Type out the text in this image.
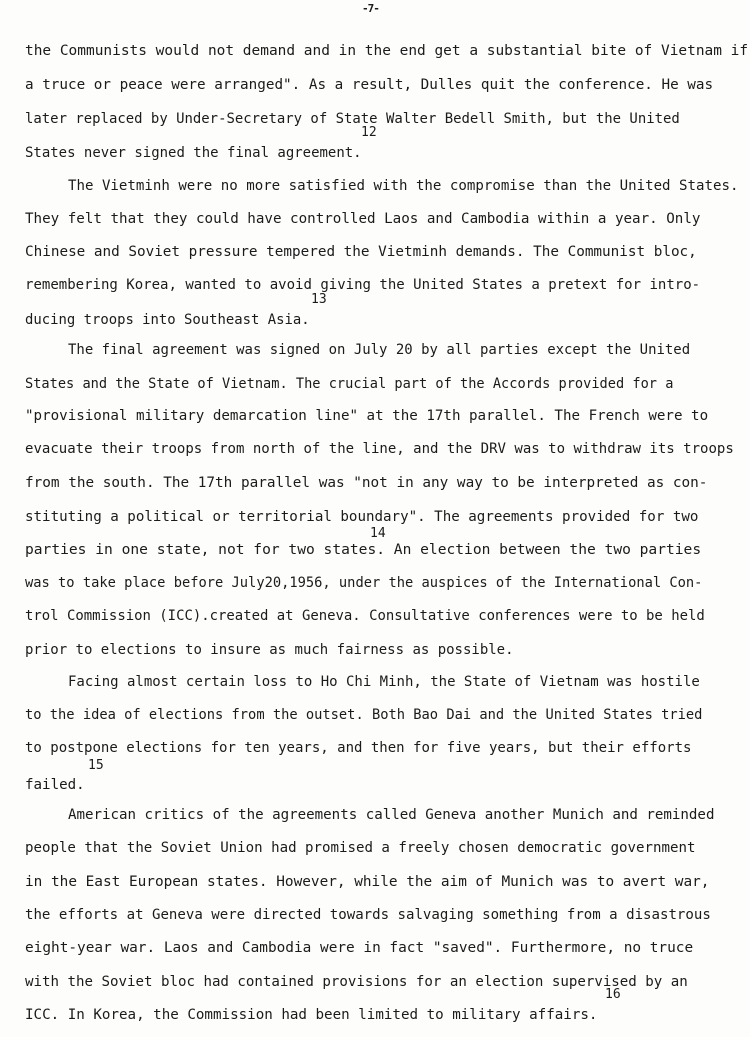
-7-
the Communists would not demand and in the end get a substantial bite of Vietnam if
a truce or peace were arranged". As a result, Dulles quit the conference. He was
later replaced by Under-Secretary of State Walter Bedell Smith, but the United
States never signed the final agreement.
The Vietminh were no more satisfied with the compromise than the United States.
They felt that they could have controlled Laos and Cambodia within a year. Only
Chinese and Soviet pressure tempered the Vietminh demands. The Communist bloc,
remembering Korea, wanted to avoid giving the United States a pretext for intro-
ducing troops into Southeast Asia.
The final agreement was signed on July 20 by all parties except the United
States and the State of Vietnam. The crucial part of the Accords provided for a
"provisional military demarcation line" at the 17th parallel. The French were to
evacuate their troops from north of the line, and the DRV was to withdraw its troops
from the south. The 17th parallel was "not in any way to be interpreted as con-
stituting a political or territorial boundary". The agreements provided for two
parties in one state, not for two states. An election between the two parties
was to take place before July20,1956, under the auspices of the International Con-
trol Commission (ICC).created at Geneva. Consultative conferences were to be held
prior to elections to insure as much fairness as possible.
Facing almost certain loss to Ho Chi Minh, the State of Vietnam was hostile
to the idea of elections from the outset. Both Bao Dai and the United States tried
to postpone elections for ten years, and then for five years, but their efforts
failed.
American critics of the agreements called Geneva another Munich and reminded
people that the Soviet Union had promised a freely chosen democratic government
in the East European states. However, while the aim of Munich was to avert war,
the efforts at Geneva were directed towards salvaging something from a disastrous
eight-year war. Laos and Cambodia were in fact "saved". Furthermore, no truce
with the Soviet bloc had contained provisions for an election supervised by an
ICC. In Korea, the Commission had been limited to military affairs.
12
13
14
15
16
